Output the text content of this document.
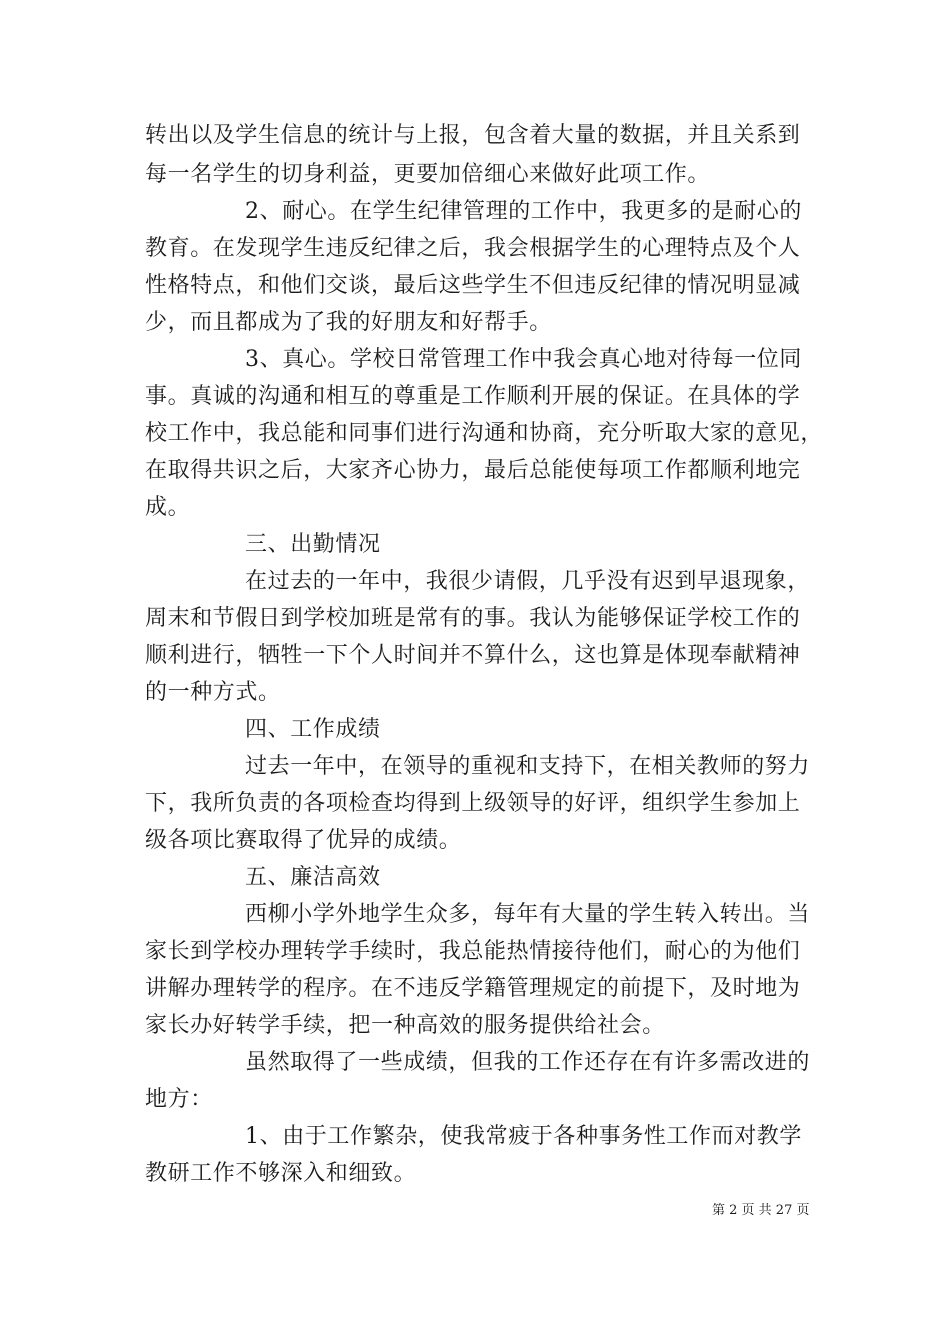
转出以及学生信息的统计与上报，包含着大量的数据，并且关系到
每一名学生的切身利益，更要加倍细心来做好此项工作。
2、耐心。在学生纪律管理的工作中，我更多的是耐心的
教育。在发现学生违反纪律之后，我会根据学生的心理特点及个人
性格特点，和他们交谈，最后这些学生不但违反纪律的情况明显减
少，而且都成为了我的好朋友和好帮手。
3、真心。学校日常管理工作中我会真心地对待每一位同
事。真诚的沟通和相互的尊重是工作顺利开展的保证。在具体的学
校工作中，我总能和同事们进行沟通和协商，充分听取大家的意见，
在取得共识之后，大家齐心协力，最后总能使每项工作都顺利地完
成。
三、出勤情况
在过去的一年中，我很少请假，几乎没有迟到早退现象，
周末和节假日到学校加班是常有的事。我认为能够保证学校工作的
顺利进行，牺牲一下个人时间并不算什么，这也算是体现奉献精神
的一种方式。
四、工作成绩
过去一年中，在领导的重视和支持下，在相关教师的努力
下，我所负责的各项检查均得到上级领导的好评，组织学生参加上
级各项比赛取得了优异的成绩。
五、廉洁高效
西柳小学外地学生众多，每年有大量的学生转入转出。当
家长到学校办理转学手续时，我总能热情接待他们，耐心的为他们
讲解办理转学的程序。在不违反学籍管理规定的前提下，及时地为
家长办好转学手续，把一种高效的服务提供给社会。
虽然取得了一些成绩，但我的工作还存在有许多需改进的
地方：
1、由于工作繁杂，使我常疲于各种事务性工作而对教学
教研工作不够深入和细致。
第 2 页 共 27 页
